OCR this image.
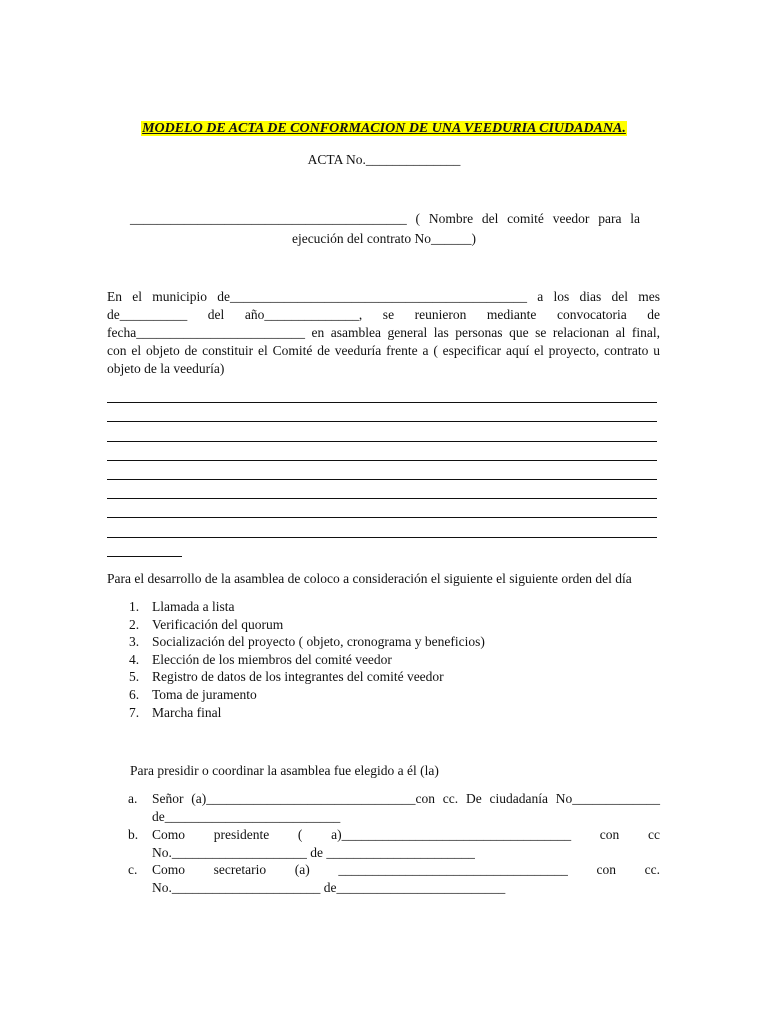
MODELO DE ACTA DE CONFORMACION DE UNA VEEDURIA CIUDADANA.
ACTA No.______________
_________________________________________ ( Nombre del comité veedor para la
ejecución del contrato No______)
En el municipio de____________________________________________ a los dias del mes
de__________ del año______________, se reunieron mediante convocatoria de
fecha_________________________ en asamblea general las personas que se relacionan al final,
con el objeto de constituir el Comité de veeduría frente a ( especificar aquí el proyecto, contrato u
objeto de la veeduría)
Para el desarrollo de la asamblea de coloco a consideración el siguiente el siguiente orden del día
1. Llamada a lista
2. Verificación del quorum
3. Socialización del proyecto ( objeto, cronograma y beneficios)
4. Elección de los miembros del comité veedor
5. Registro de datos de los integrantes del comité veedor
6. Toma de juramento
7. Marcha final
Para presidir o coordinar la asamblea fue elegido a él (la)
a. Señor (a)_______________________________con cc. De ciudadanía No_____________
de__________________________
b. Como presidente ( a)__________________________________ con cc
No.____________________ de ______________________
c. Como secretario (a) __________________________________ con cc.
No.______________________ de_________________________
